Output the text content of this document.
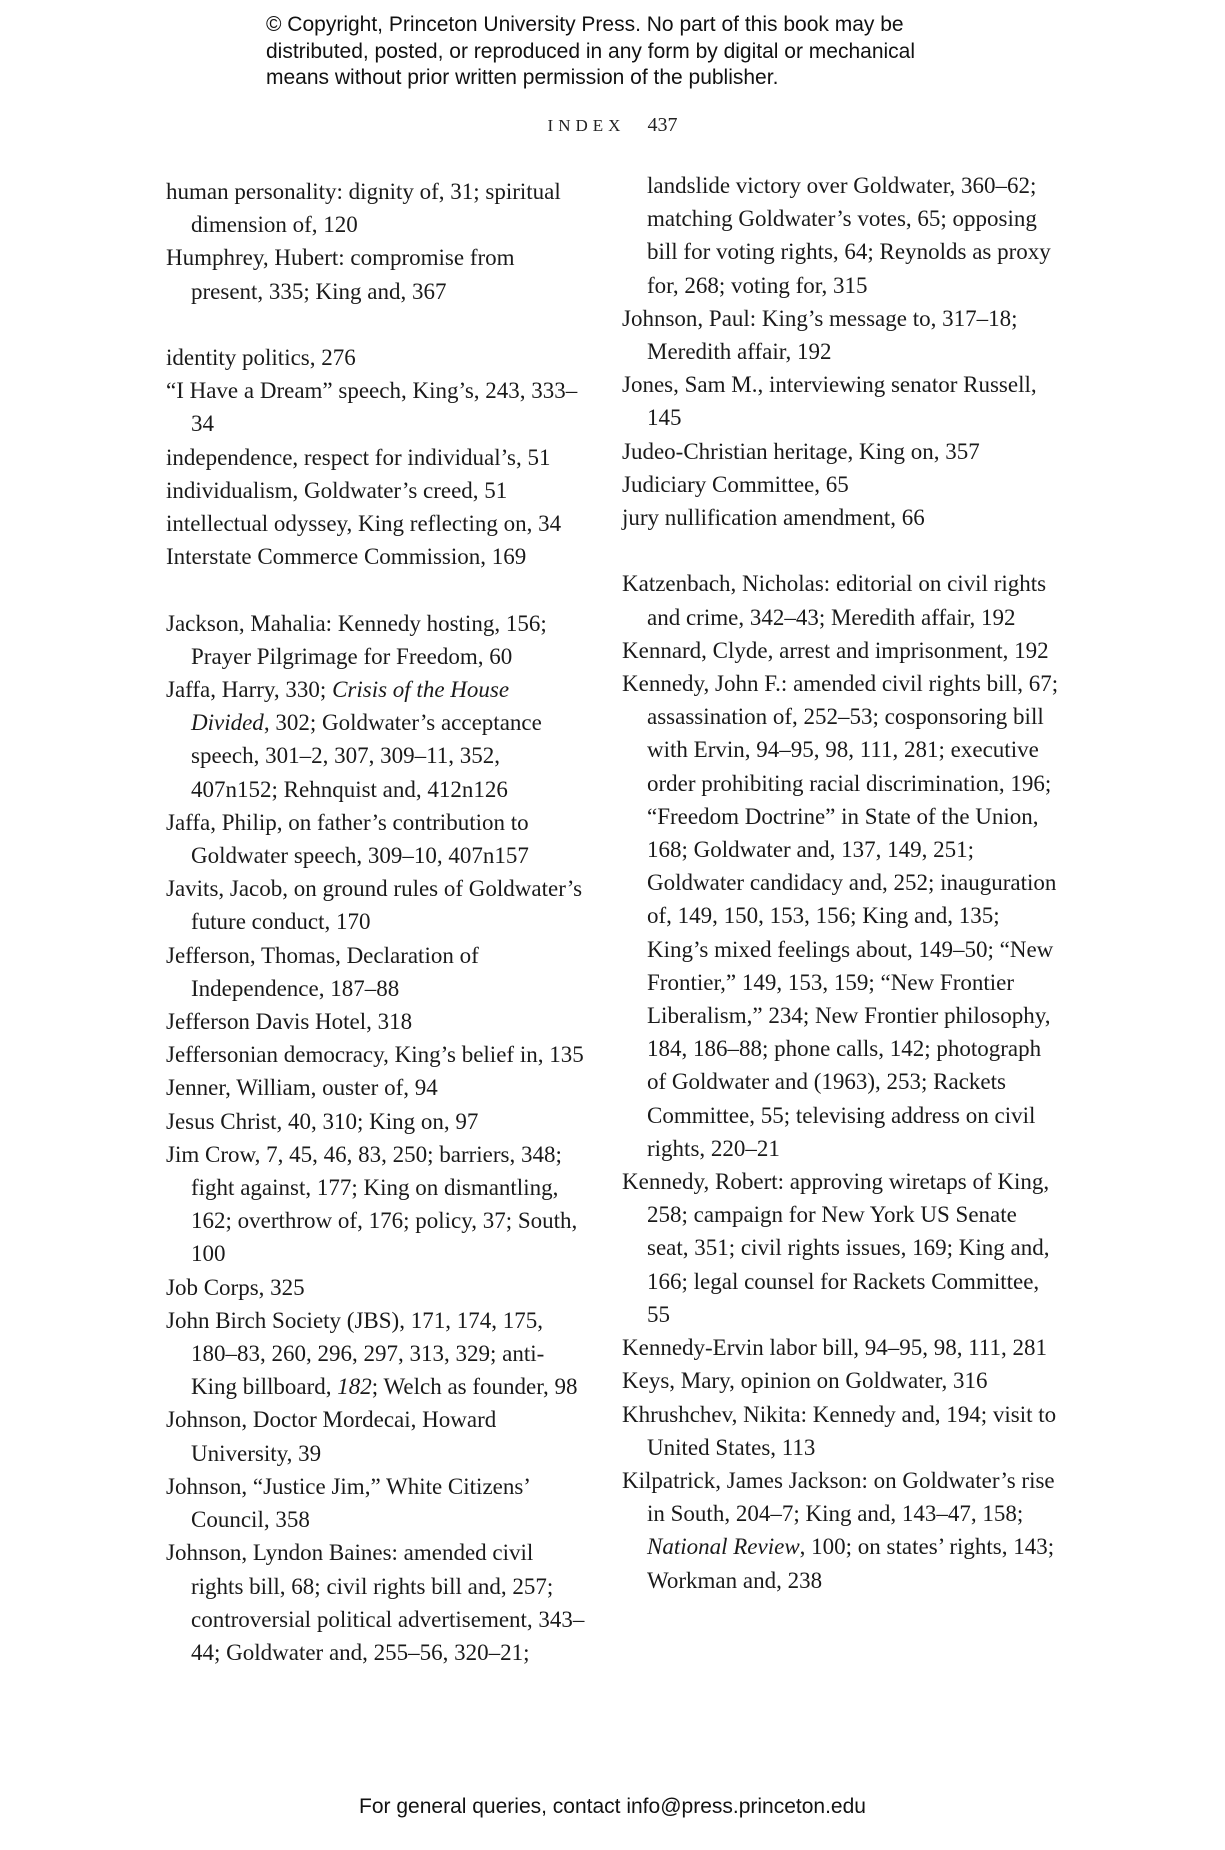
© Copyright, Princeton University Press. No part of this book may be
distributed, posted, or reproduced in any form by digital or mechanical
means without prior written permission of the publisher.
INDEX 437

human personality: dignity of, 31; spiritual dimension of, 120

Humphrey, Hubert: compromise from present, 335; King and, 367

identity politics, 276

“I Have a Dream” speech, King’s, 243, 333–34

independence, respect for individual’s, 51

individualism, Goldwater’s creed, 51

intellectual odyssey, King reflecting on, 34

Interstate Commerce Commission, 169

Jackson, Mahalia: Kennedy hosting, 156; Prayer Pilgrimage for Freedom, 60

Jaffa, Harry, 330; Crisis of the House Divided, 302; Goldwater’s acceptance speech, 301–2, 307, 309–11, 352, 407n152; Rehnquist and, 412n126

Jaffa, Philip, on father’s contribution to Goldwater speech, 309–10, 407n157

Javits, Jacob, on ground rules of Goldwater’s future conduct, 170

Jefferson, Thomas, Declaration of Independence, 187–88

Jefferson Davis Hotel, 318

Jeffersonian democracy, King’s belief in, 135

Jenner, William, ouster of, 94

Jesus Christ, 40, 310; King on, 97

Jim Crow, 7, 45, 46, 83, 250; barriers, 348; fight against, 177; King on dismantling, 162; overthrow of, 176; policy, 37; South, 100

Job Corps, 325

John Birch Society (JBS), 171, 174, 175, 180–83, 260, 296, 297, 313, 329; anti-King billboard, 182; Welch as founder, 98

Johnson, Doctor Mordecai, Howard University, 39

Johnson, “Justice Jim,” White Citizens’ Council, 358

Johnson, Lyndon Baines: amended civil rights bill, 68; civil rights bill and, 257; controversial political advertisement, 343–44; Goldwater and, 255–56, 320–21;

landslide victory over Goldwater, 360–62; matching Goldwater’s votes, 65; opposing bill for voting rights, 64; Reynolds as proxy for, 268; voting for, 315

Johnson, Paul: King’s message to, 317–18; Meredith affair, 192

Jones, Sam M., interviewing senator Russell, 145

Judeo-Christian heritage, King on, 357

Judiciary Committee, 65

jury nullification amendment, 66

Katzenbach, Nicholas: editorial on civil rights and crime, 342–43; Meredith affair, 192

Kennard, Clyde, arrest and imprisonment, 192

Kennedy, John F.: amended civil rights bill, 67; assassination of, 252–53; cosponsoring bill with Ervin, 94–95, 98, 111, 281; executive order prohibiting racial discrimination, 196; “Freedom Doctrine” in State of the Union, 168; Goldwater and, 137, 149, 251; Goldwater candidacy and, 252; inauguration of, 149, 150, 153, 156; King and, 135; King’s mixed feelings about, 149–50; “New Frontier,” 149, 153, 159; “New Frontier Liberalism,” 234; New Frontier philosophy, 184, 186–88; phone calls, 142; photograph of Goldwater and (1963), 253; Rackets Committee, 55; televising address on civil rights, 220–21

Kennedy, Robert: approving wiretaps of King, 258; campaign for New York US Senate seat, 351; civil rights issues, 169; King and, 166; legal counsel for Rackets Committee, 55

Kennedy-Ervin labor bill, 94–95, 98, 111, 281

Keys, Mary, opinion on Goldwater, 316

Khrushchev, Nikita: Kennedy and, 194; visit to United States, 113

Kilpatrick, James Jackson: on Goldwater’s rise in South, 204–7; King and, 143–47, 158; National Review, 100; on states’ rights, 143; Workman and, 238

For general queries, contact info@press.princeton.edu
